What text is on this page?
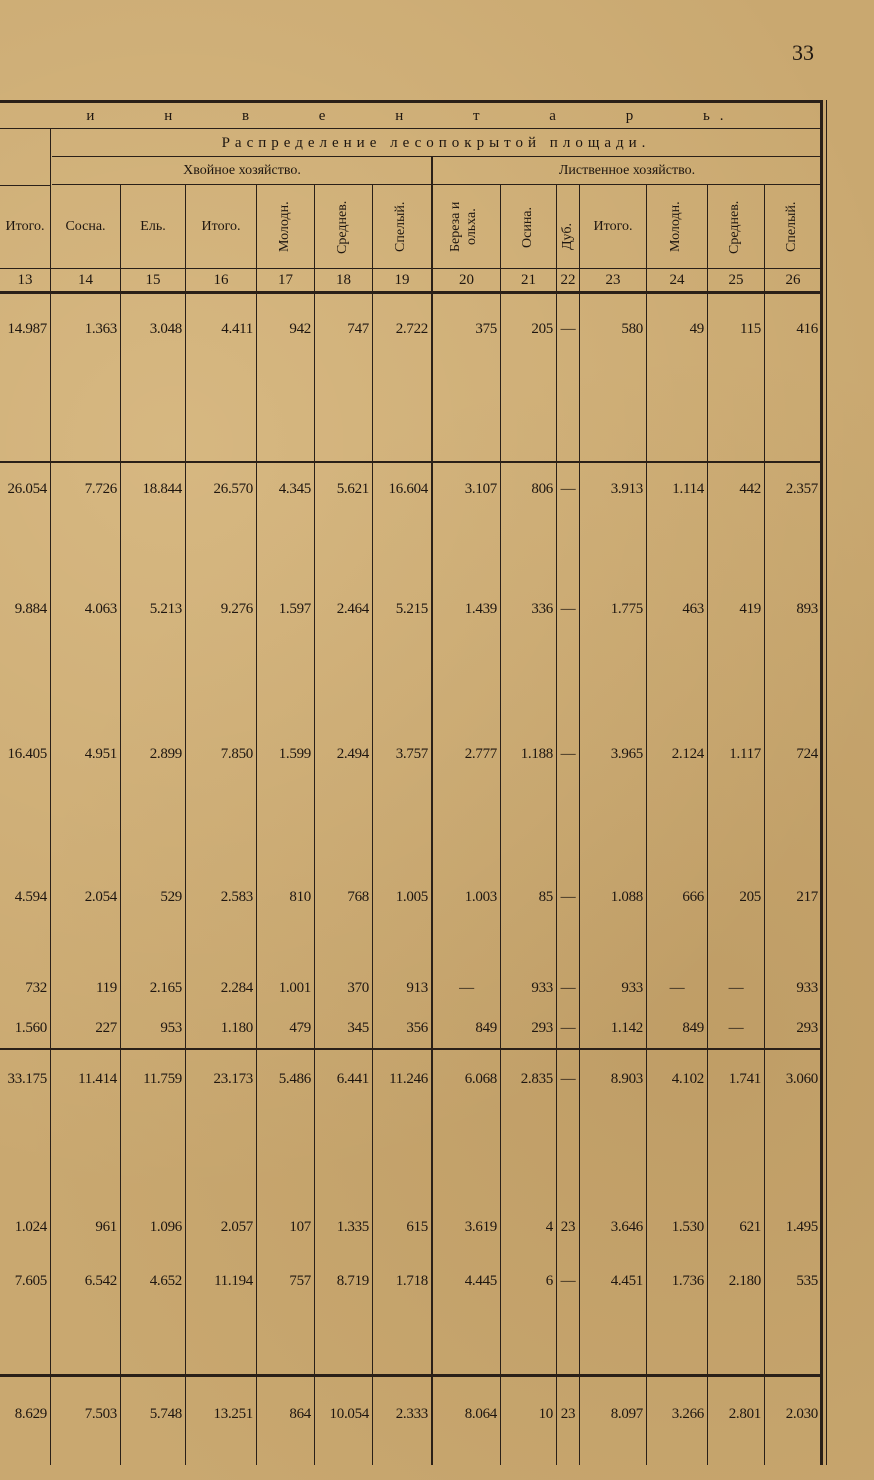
33
и н в е н т а р ь.
Распределение лесопокрытой площади.
Хвойное хозяйство.	Лиственное хозяйство.
Итого.	Сосна.	Ель.	Итого.	Молодн.	Среднев.	Спелый.	Береза и ольха.	Осина. Дуб.	Итого.	Молодн.	Среднев.	Спелый.
13	14	15	16	17	18	19	20	21	22	23	24	25	26
14.987	1.363	3.048	4.411	942	747	2.722	375	205 —	580	49	115	416
26.054	7.726	18.844	26.570	4.345	5.621	16.604	3.107	806 —	3.913	1.114	442	2.357
9.884	4.063	5.213	9.276	1.597	2.464	5.215	1.439	336 —	1.775	463	419	893
16.405	4.951	2.899	7.850	1.599	2.494	3.757	2.777	1.188 —	3.965	2.124	1.117	724
4.594	2.054	529	2.583	810	768	1.005	1.003	85 —	1.088	666	205	217
732	119	2.165	2.284	1.001	370	913	—	933 —	933	—	—	933
1.560	227	953	1.180	479	345	356	849	293 —	1.142	849	—	293
33.175	11.414	11.759	23.173	5.486	6.441	11.246	6.068	2.835 —	8.903	4.102	1.741	3.060
1.024	961	1.096	2.057	107	1.335	615	3.619	4 23	3.646	1.530	621	1.495
7.605	6.542	4.652	11.194	757	8.719	1.718	4.445	6 —	4.451	1.736	2.180	535
8.629	7.503	5.748	13.251	864	10.054	2.333	8.064	10 23	8.097	3.266	2.801	2.030
